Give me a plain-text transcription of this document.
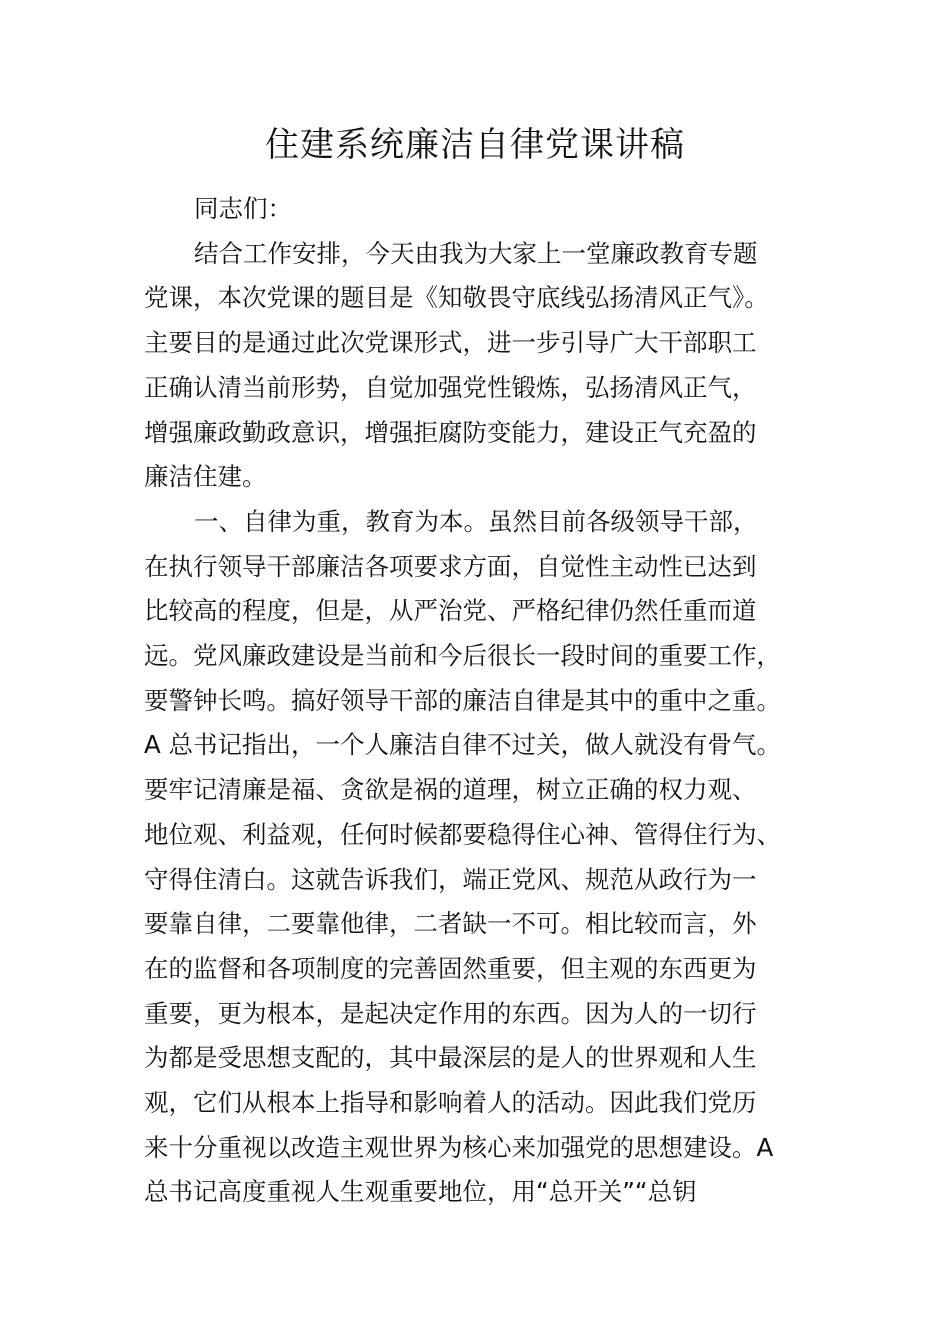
住建系统廉洁自律党课讲稿

同志们：

结合工作安排，今天由我为大家上一堂廉政教育专题
党课，本次党课的题目是《知敬畏守底线弘扬清风正气》。
主要目的是通过此次党课形式，进一步引导广大干部职工
正确认清当前形势，自觉加强党性锻炼，弘扬清风正气，
增强廉政勤政意识，增强拒腐防变能力，建设正气充盈的
廉洁住建。

一、自律为重，教育为本。虽然目前各级领导干部，
在执行领导干部廉洁各项要求方面，自觉性主动性已达到
比较高的程度，但是，从严治党、严格纪律仍然任重而道
远。党风廉政建设是当前和今后很长一段时间的重要工作，
要警钟长鸣。搞好领导干部的廉洁自律是其中的重中之重。
A 总书记指出，一个人廉洁自律不过关，做人就没有骨气。
要牢记清廉是福、贪欲是祸的道理，树立正确的权力观、
地位观、利益观，任何时候都要稳得住心神、管得住行为、
守得住清白。这就告诉我们，端正党风、规范从政行为一
要靠自律，二要靠他律，二者缺一不可。相比较而言，外
在的监督和各项制度的完善固然重要，但主观的东西更为
重要，更为根本，是起决定作用的东西。因为人的一切行
为都是受思想支配的，其中最深层的是人的世界观和人生
观，它们从根本上指导和影响着人的活动。因此我们党历
来十分重视以改造主观世界为核心来加强党的思想建设。A
总书记高度重视人生观重要地位，用“总开关”“总钥
